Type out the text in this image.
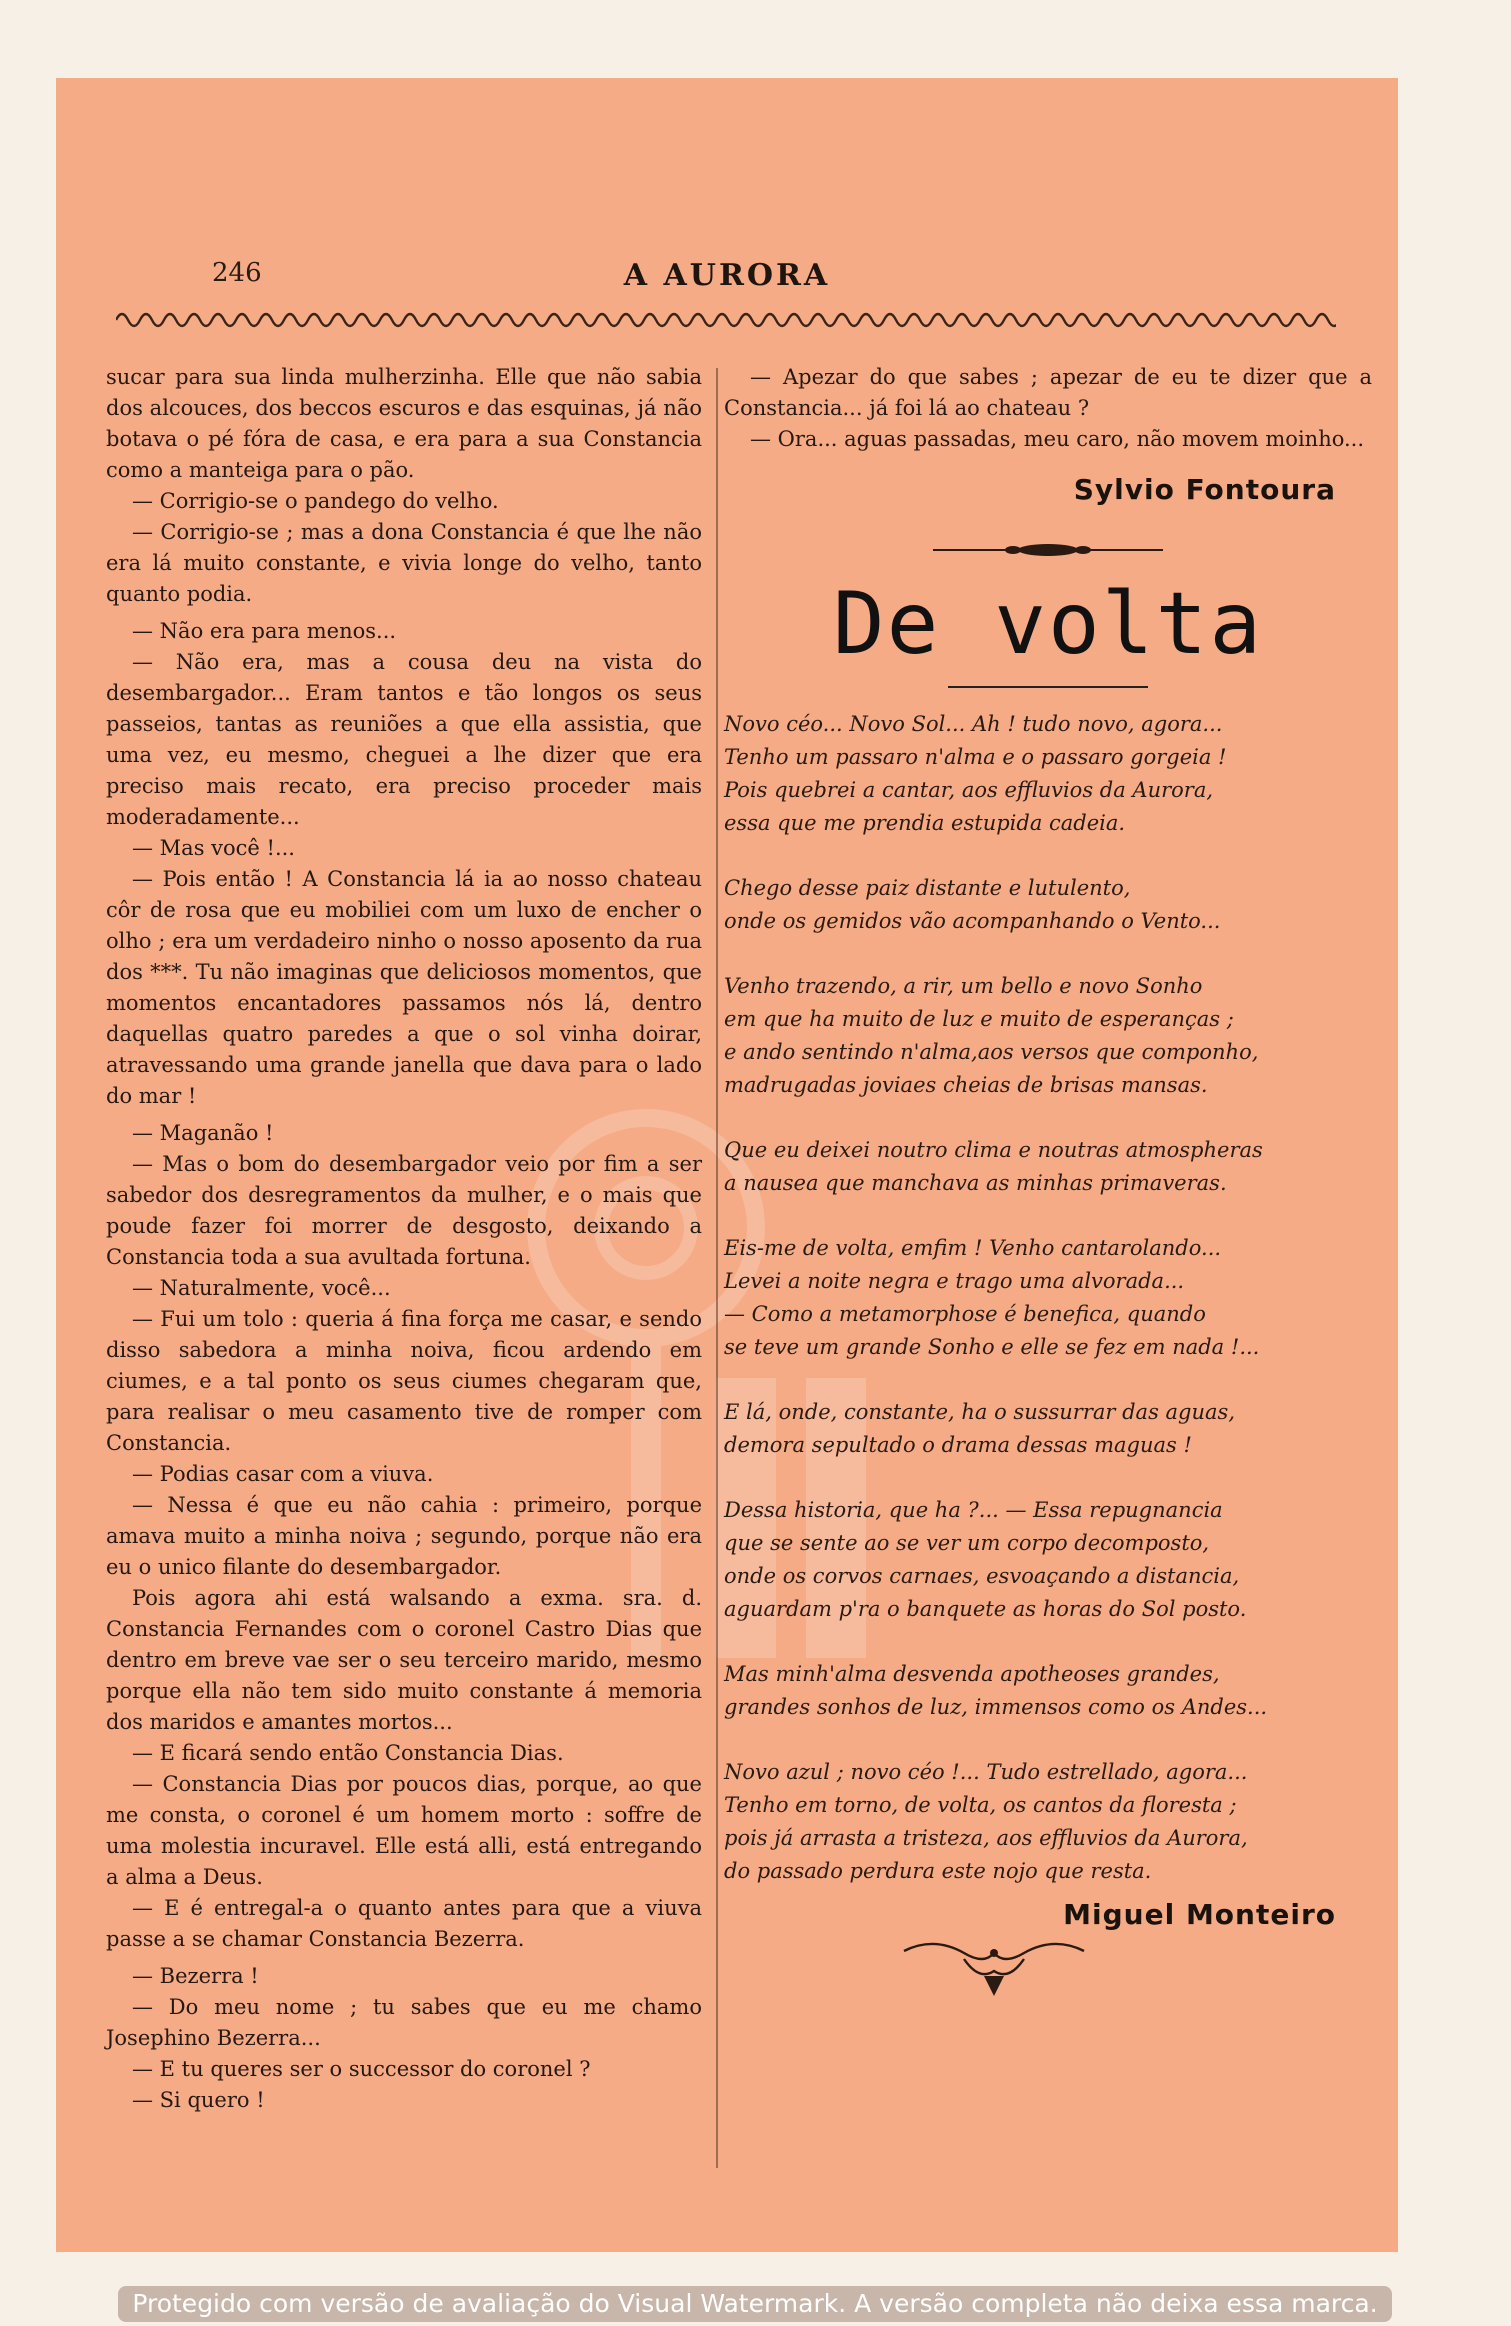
246	A AURORA

sucar para sua linda mulherzinha. Elle que não sabia dos alcouces, dos beccos escuros e das esquinas, já não botava o pé fóra de casa, e era para a sua Constancia como a manteiga para o pão.

— Corrigio-se o pandego do velho.

— Corrigio-se ; mas a dona Constancia é que lhe não era lá muito constante, e vivia longe do velho, tanto quanto podia.

— Não era para menos...

— Não era, mas a cousa deu na vista do desembargador... Eram tantos e tão longos os seus passeios, tantas as reuniões a que ella assistia, que uma vez, eu mesmo, cheguei a lhe dizer que era preciso mais recato, era preciso proceder mais moderadamente...

— Mas você !...

— Pois então ! A Constancia lá ia ao nosso chateau côr de rosa que eu mobiliei com um luxo de encher o olho ; era um verdadeiro ninho o nosso aposento da rua dos ***. Tu não imaginas que deliciosos momentos, que momentos encantadores passamos nós lá, dentro daquellas quatro paredes a que o sol vinha doirar, atravessando uma grande janella que dava para o lado do mar !

— Maganão !

— Mas o bom do desembargador veio por fim a ser sabedor dos desregramentos da mulher, e o mais que poude fazer foi morrer de desgosto, deixando a Constancia toda a sua avultada fortuna.

— Naturalmente, você...

— Fui um tolo : queria á fina força me casar, e sendo disso sabedora a minha noiva, ficou ardendo em ciumes, e a tal ponto os seus ciumes chegaram que, para realisar o meu casamento tive de romper com Constancia.

— Podias casar com a viuva.

— Nessa é que eu não cahia : primeiro, porque amava muito a minha noiva ; segundo, porque não era eu o unico filante do desembargador.

Pois agora ahi está walsando a exma. sra. d. Constancia Fernandes com o coronel Castro Dias que dentro em breve vae ser o seu terceiro marido, mesmo porque ella não tem sido muito constante á memoria dos maridos e amantes mortos...

— E ficará sendo então Constancia Dias.

— Constancia Dias por poucos dias, porque, ao que me consta, o coronel é um homem morto : soffre de uma molestia incuravel. Elle está alli, está entregando a alma a Deus.

— E é entregal-a o quanto antes para que a viuva passe a se chamar Constancia Bezerra.

— Bezerra !

— Do meu nome ; tu sabes que eu me chamo Josephino Bezerra...

— E tu queres ser o successor do coronel ?

— Si quero !

— Apezar do que sabes ; apezar de eu te dizer que a Constancia... já foi lá ao chateau ?

— Ora... aguas passadas, meu caro, não movem moinho...

Sylvio Fontoura
De volta

Novo céo... Novo Sol... Ah ! tudo novo, agora...

Tenho um passaro n'alma e o passaro gorgeia !

Pois quebrei a cantar, aos effluvios da Aurora,

essa que me prendia estupida cadeia.

Chego desse paiz distante e lutulento,

onde os gemidos vão acompanhando o Vento...

Venho trazendo, a rir, um bello e novo Sonho

em que ha muito de luz e muito de esperanças ;

e ando sentindo n'alma,aos versos que componho,

madrugadas joviaes cheias de brisas mansas.

Que eu deixei noutro clima e noutras atmospheras

a nausea que manchava as minhas primaveras.

Eis-me de volta, emfim ! Venho cantarolando...

Levei a noite negra e trago uma alvorada...

— Como a metamorphose é benefica, quando

se teve um grande Sonho e elle se fez em nada !...

E lá, onde, constante, ha o sussurrar das aguas,

demora sepultado o drama dessas maguas !

Dessa historia, que ha ?... — Essa repugnancia

que se sente ao se ver um corpo decomposto,

onde os corvos carnaes, esvoaçando a distancia,

aguardam p'ra o banquete as horas do Sol posto.

Mas minh'alma desvenda apotheoses grandes,

grandes sonhos de luz, immensos como os Andes...

Novo azul ; novo céo !... Tudo estrellado, agora...

Tenho em torno, de volta, os cantos da floresta ;

pois já arrasta a tristeza, aos effluvios da Aurora,

do passado perdura este nojo que resta.

Miguel Monteiro
Protegido com versão de avaliação do Visual Watermark. A versão completa não deixa essa marca.
